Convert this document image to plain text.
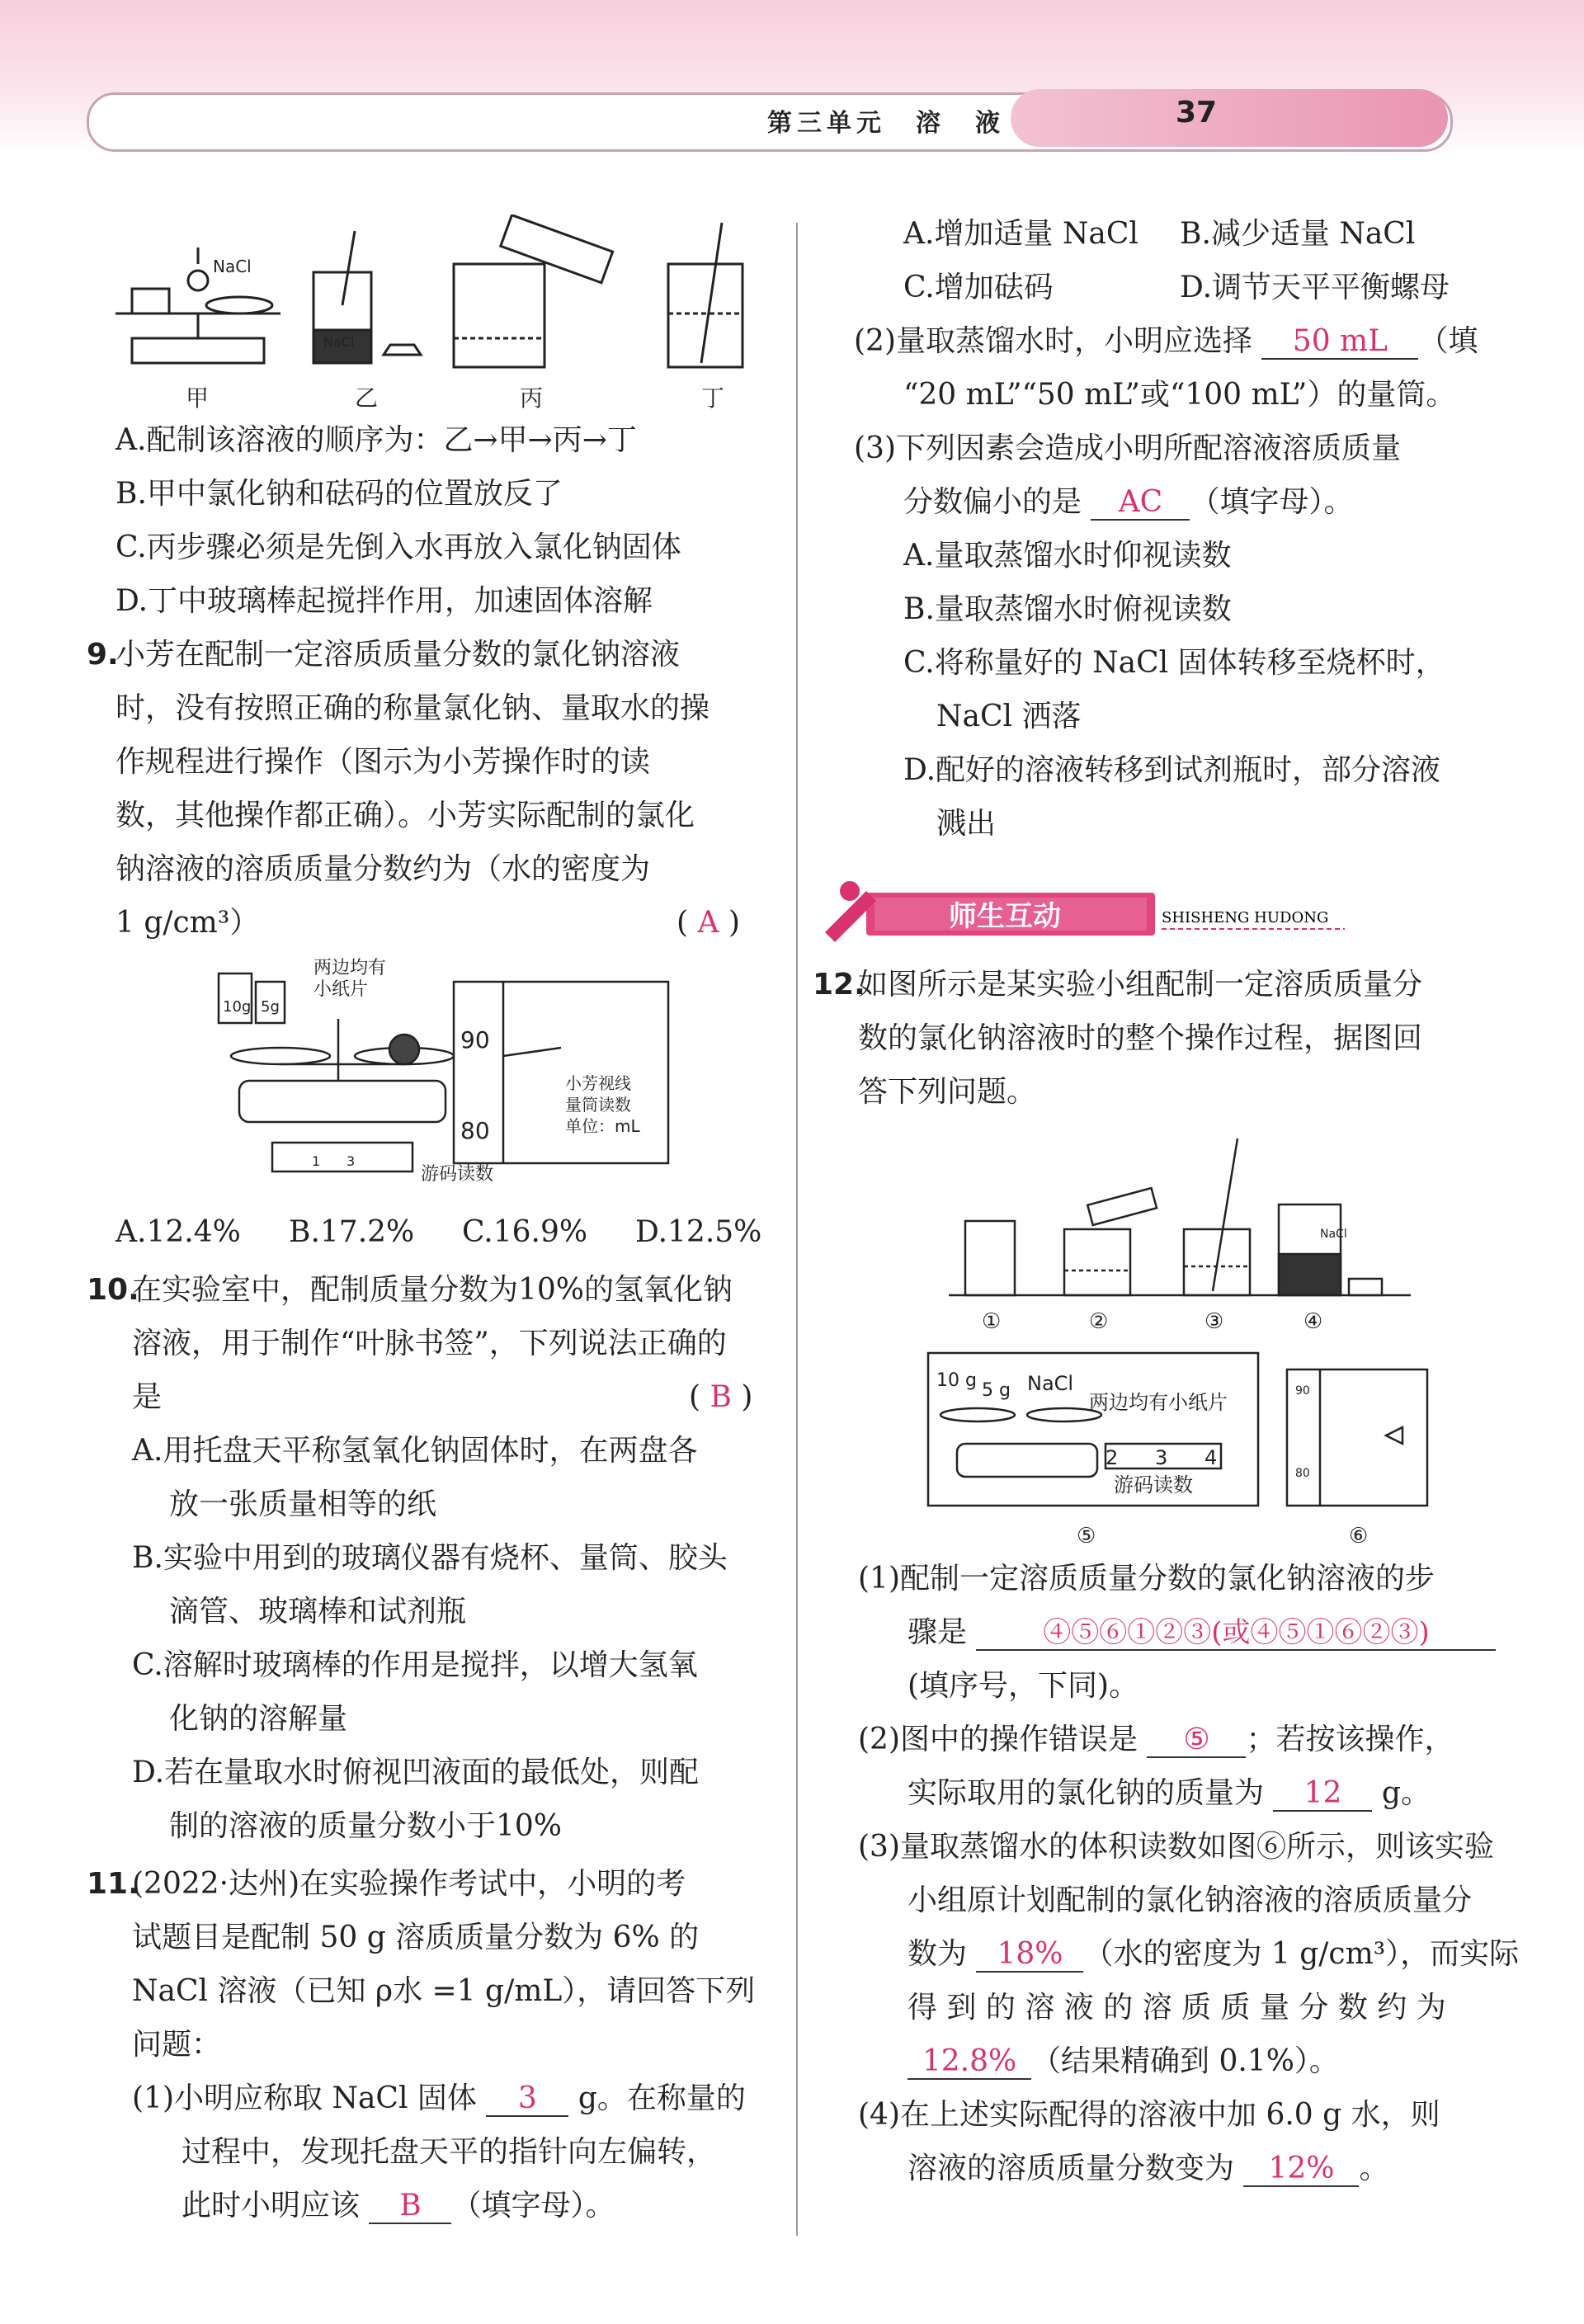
第三单元　溶　液	37
NaCl
NaCl
甲	乙	丙	丁
A.配制该溶液的顺序为：乙→甲→丙→丁
B.甲中氯化钠和砝码的位置放反了
C.丙步骤必须是先倒入水再放入氯化钠固体
D.丁中玻璃棒起搅拌作用，加速固体溶解
9.
小芳在配制一定溶质质量分数的氯化钠溶液
时，没有按照正确的称量氯化钠、量取水的操
作规程进行操作（图示为小芳操作时的读
数，其他操作都正确）。小芳实际配制的氯化
钠溶液的溶质质量分数约为（水的密度为
1 g/cm³）	( A )
10g 5g
两边均有
小纸片
1 3
游码读数
90
80
小芳视线
量筒读数
单位：mL
A.12.4% B.17.2% C.16.9% D.12.5%
10.
在实验室中，配制质量分数为10%的氢氧化钠
溶液，用于制作“叶脉书签”，下列说法正确的
是	( B )
A.用托盘天平称氢氧化钠固体时，在两盘各
放一张质量相等的纸
B.实验中用到的玻璃仪器有烧杯、量筒、胶头
滴管、玻璃棒和试剂瓶
C.溶解时玻璃棒的作用是搅拌，以增大氢氧
化钠的溶解量
D.若在量取水时俯视凹液面的最低处，则配
制的溶液的质量分数小于10%
11.
(2022·达州)在实验操作考试中，小明的考
试题目是配制 50 g 溶质质量分数为 6% 的
NaCl 溶液（已知 ρ水 =1 g/mL），请回答下列
问题：
(1)小明应称取 NaCl 固体 3 g。在称量的
过程中，发现托盘天平的指针向左偏转，
此时小明应该 B （填字母）。
A.增加适量 NaCl B.减少适量 NaCl
C.增加砝码	D.调节天平平衡螺母
(2)量取蒸馏水时，小明应选择 50 mL （填
“20 mL”“50 mL”或“100 mL”）的量筒。
(3)下列因素会造成小明所配溶液溶质质量
分数偏小的是 AC （填字母）。
A.量取蒸馏水时仰视读数
B.量取蒸馏水时俯视读数
C.将称量好的 NaCl 固体转移至烧杯时，
NaCl 洒落
D.配好的溶液转移到试剂瓶时，部分溶液
溅出
师生互动	SHISHENG HUDONG
12.
如图所示是某实验小组配制一定溶质质量分
数的氯化钠溶液时的整个操作过程，据图回
答下列问题。
NaCl
①	②	③	④
10 g 5 g NaCl
两边均有小纸片
2 3 4
游码读数
90
80
⑤	⑥
(1)配制一定溶质质量分数的氯化钠溶液的步
骤是	④⑤⑥①②③(或④⑤①⑥②③)
(填序号，下同)。
(2)图中的操作错误是 ⑤ ；若按该操作，
实际取用的氯化钠的质量为 12 g。
(3)量取蒸馏水的体积读数如图⑥所示，则该实验
小组原计划配制的氯化钠溶液的溶质质量分
数为 18% （水的密度为 1 g/cm³），而实际
得 到 的 溶 液 的 溶 质 质 量 分 数 约 为
12.8% （结果精确到 0.1%）。
(4)在上述实际配得的溶液中加 6.0 g 水，则
溶液的溶质质量分数变为 12% 。
